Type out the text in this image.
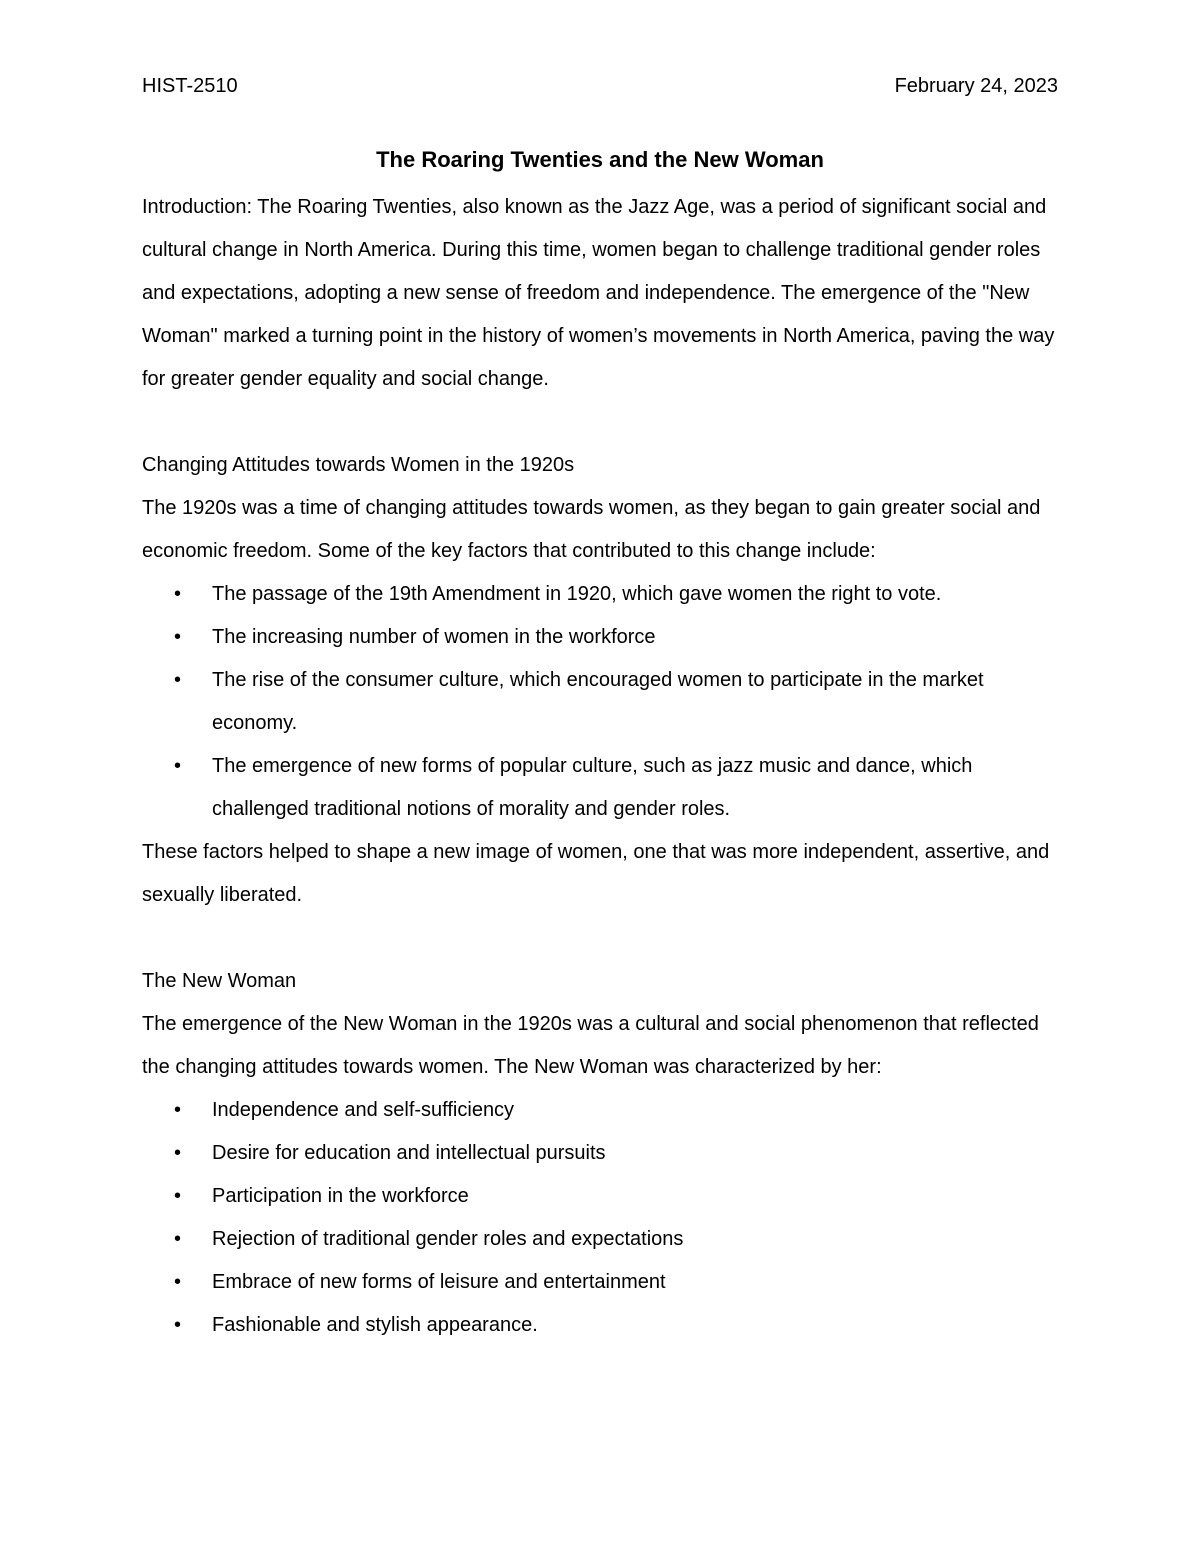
HIST-2510	February 24, 2023
The Roaring Twenties and the New Woman

Introduction: The Roaring Twenties, also known as the Jazz Age, was a period of significant social and cultural change in North America. During this time, women began to challenge traditional gender roles and expectations, adopting a new sense of freedom and independence. The emergence of the "New Woman" marked a turning point in the history of women’s movements in North America, paving the way for greater gender equality and social change.

Changing Attitudes towards Women in the 1920s

The 1920s was a time of changing attitudes towards women, as they began to gain greater social and economic freedom. Some of the key factors that contributed to this change include:

• The passage of the 19th Amendment in 1920, which gave women the right to vote.
• The increasing number of women in the workforce
• The rise of the consumer culture, which encouraged women to participate in the market economy.
• The emergence of new forms of popular culture, such as jazz music and dance, which challenged traditional notions of morality and gender roles.

These factors helped to shape a new image of women, one that was more independent, assertive, and sexually liberated.

The New Woman

The emergence of the New Woman in the 1920s was a cultural and social phenomenon that reflected the changing attitudes towards women. The New Woman was characterized by her:

• Independence and self-sufficiency
• Desire for education and intellectual pursuits
• Participation in the workforce
• Rejection of traditional gender roles and expectations
• Embrace of new forms of leisure and entertainment
• Fashionable and stylish appearance.
